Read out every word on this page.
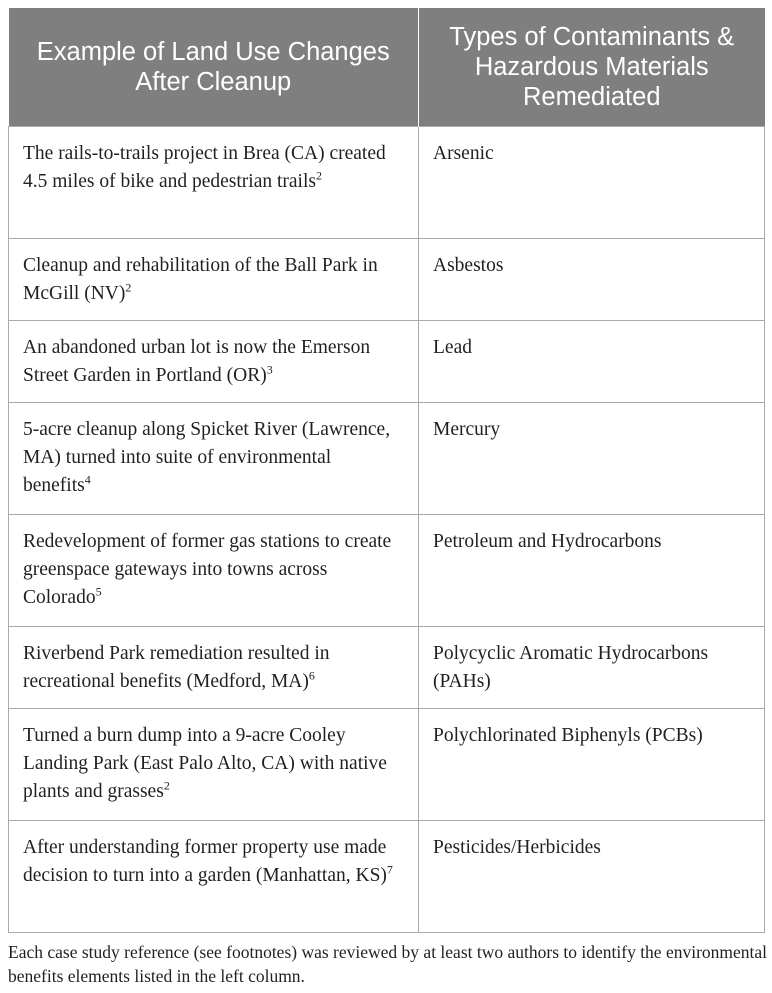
Example of Land Use Changes After Cleanup	Types of Contaminants & Hazardous Materials Remediated
The rails-to-trails project in Brea (CA) created 4.5 miles of bike and pedestrian trails$^2$	Arsenic
Cleanup and rehabilitation of the Ball Park in McGill (NV)$^2$	Asbestos
An abandoned urban lot is now the Emerson Street Garden in Portland (OR)$^3$	Lead
5-acre cleanup along Spicket River (Lawrence, MA) turned into suite of environmental benefits$^4$	Mercury
Redevelopment of former gas stations to create greenspace gateways into towns across Colorado$^5$	Petroleum and Hydrocarbons
Riverbend Park remediation resulted in recreational benefits (Medford, MA)$^6$	Polycyclic Aromatic Hydrocarbons (PAHs)
Turned a burn dump into a 9-acre Cooley Landing Park (East Palo Alto, CA) with native plants and grasses$^2$	Polychlorinated Biphenyls (PCBs)
After understanding former property use made decision to turn into a garden (Manhattan, KS)$^7$	Pesticides/Herbicides

Each case study reference (see footnotes) was reviewed by at least two authors to identify the environmental benefits elements listed in the left column.
